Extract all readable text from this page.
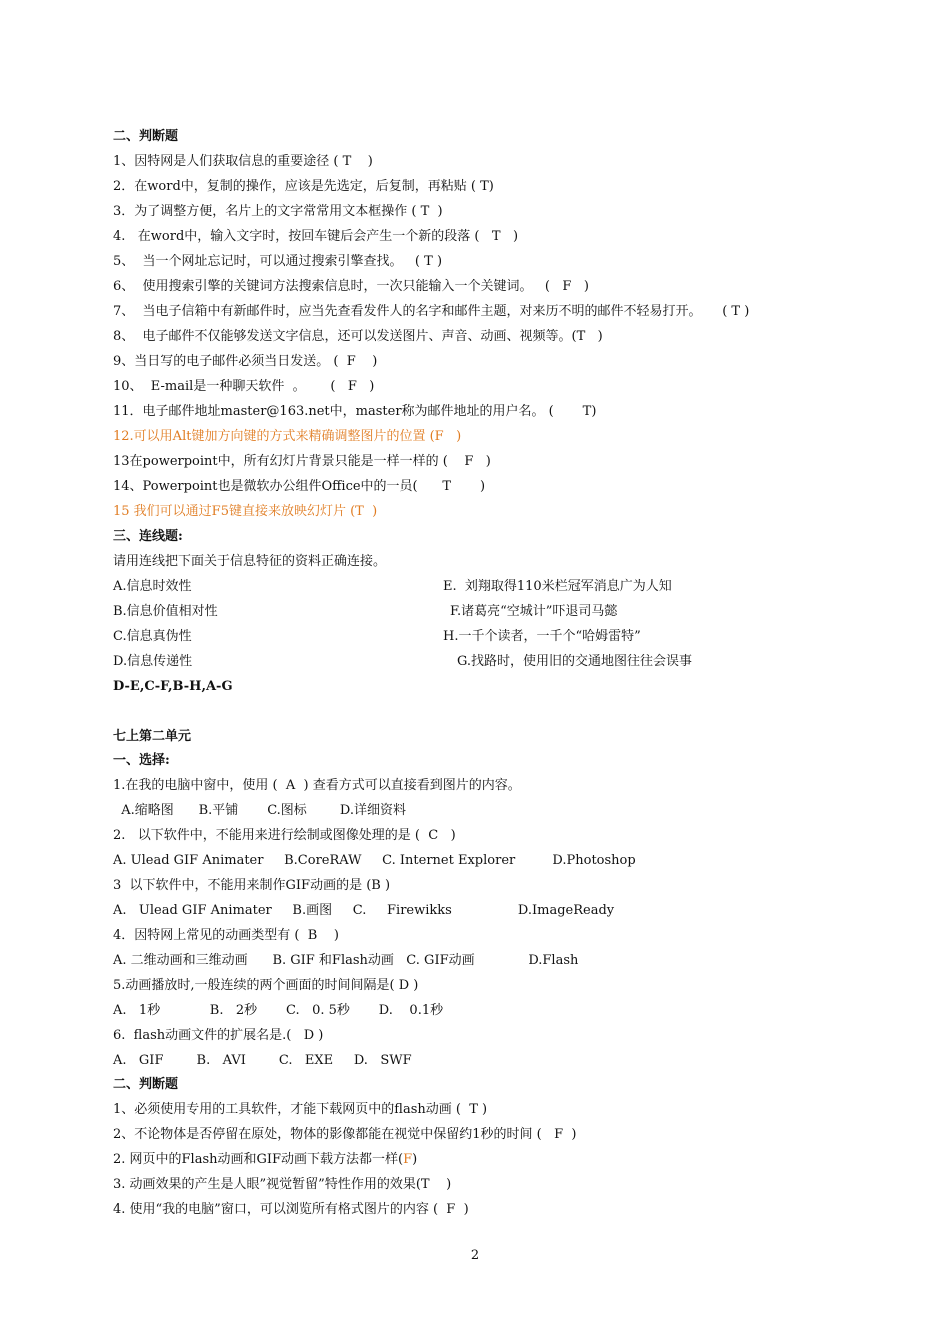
二、判断题
1、因特网是人们获取信息的重要途径 ( T    )
2．在word中，复制的操作，应该是先选定，后复制，再粘贴 ( T)
3．为了调整方便，名片上的文字常常用文本框操作 ( T  )
4.   在word中，输入文字时，按回车键后会产生一个新的段落 (   T   )
5、  当一个网址忘记时，可以通过搜索引擎查找。   ( T )
6、  使用搜索引擎的关键词方法搜索信息时，一次只能输入一个关键词。   (   F   )
7、  当电子信箱中有新邮件时，应当先查看发件人的名字和邮件主题，对来历不明的邮件不轻易打开。     ( T )
8、  电子邮件不仅能够发送文字信息，还可以发送图片、声音、动画、视频等。(T   )
9、当日写的电子邮件必须当日发送。 (  F    )
10、  E-mail是一种聊天软件  。      (   F   )
11．电子邮件地址master@163.net中，master称为邮件地址的用户名。 (       T)
12.可以用Alt键加方向键的方式来精确调整图片的位置 (F   )
13在powerpoint中，所有幻灯片背景只能是一样一样的 (    F   )
14、Powerpoint也是微软办公组件Office中的一员(      T       )
15 我们可以通过F5键直接来放映幻灯片 (T  )
三、连线题:
请用连线把下面关于信息特征的资料正确连接。
A.信息时效性
B.信息价值相对性
C.信息真伪性
D.信息传递性
E.  刘翔取得110米栏冠军消息广为人知
F.诸葛亮“空城计”吓退司马懿
H.一千个读者，一千个“哈姆雷特”
G.找路时，使用旧的交通地图往往会误事
D-E,C-F,B-H,A-G
七上第二单元
一、选择:
1.在我的电脑中窗中，使用 (  A  ) 查看方式可以直接看到图片的内容。
A.缩略图      B.平铺       C.图标        D.详细资料
2.   以下软件中，不能用来进行绘制或图像处理的是 (  C   )
A. Ulead GIF Animater     B.CoreRAW     C. Internet Explorer         D.Photoshop
3  以下软件中，不能用来制作GIF动画的是 (B )
A.   Ulead GIF Animater     B.画图     C.     Firewikks                D.ImageReady
4．因特网上常见的动画类型有 (  B    )
A. 二维动画和三维动画      B. GIF 和Flash动画   C. GIF动画             D.Flash
5.动画播放时,一般连续的两个画面的时间间隔是( D )
A.   1秒            B.   2秒       C.   0. 5秒       D.    0.1秒
6.  flash动画文件的扩展名是.(   D )
A.   GIF        B.   AVI        C.   EXE     D.   SWF
二、判断题
1、必须使用专用的工具软件，才能下载网页中的flash动画 (  T )
2、不论物体是否停留在原处，物体的影像都能在视觉中保留约1秒的时间 (   F  )
2. 网页中的Flash动画和GIF动画下载方法都一样(F)
3. 动画效果的产生是人眼”视觉暂留”特性作用的效果(T    )
4. 使用“我的电脑”窗口，可以浏览所有格式图片的内容 (  F  )
2
